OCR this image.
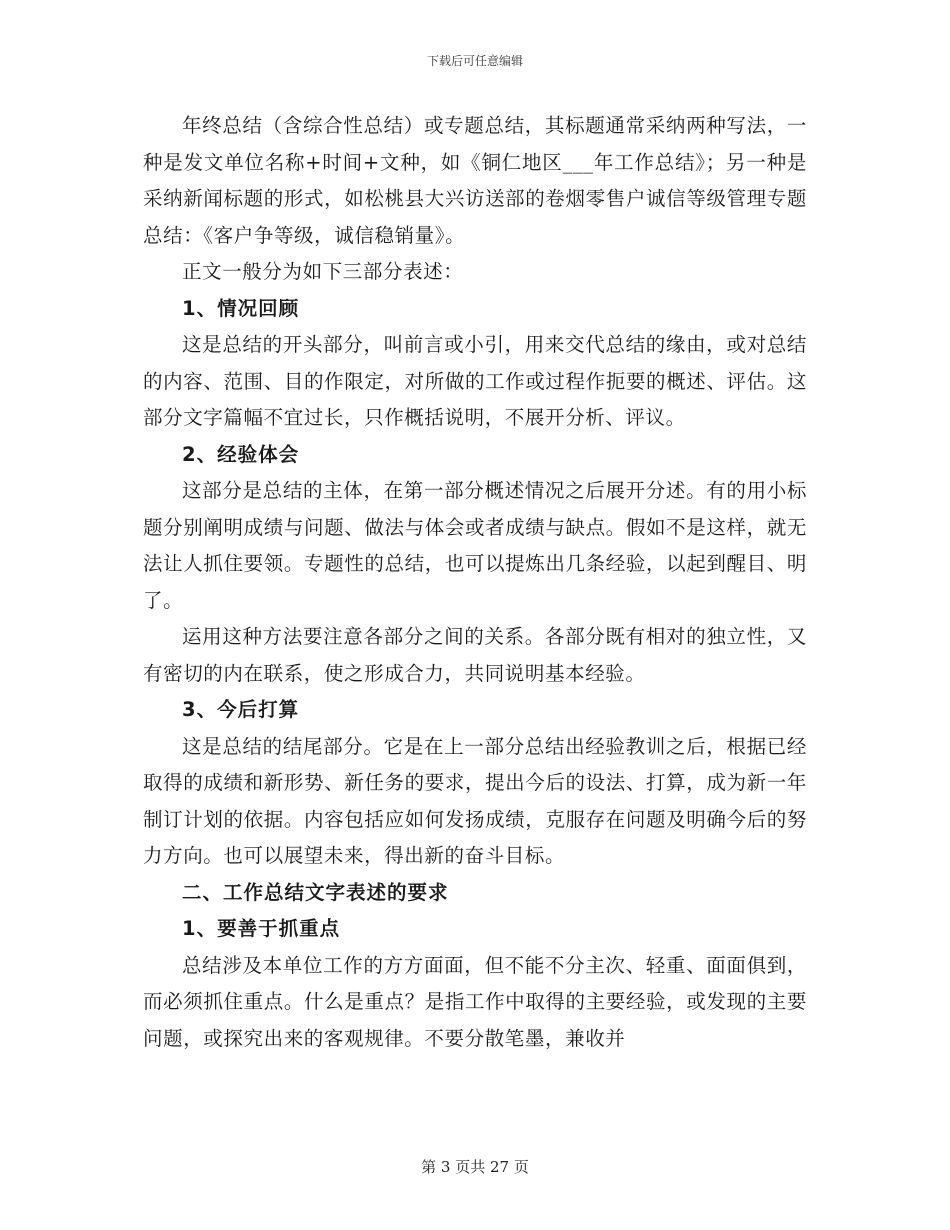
下载后可任意编辑

年终总结（含综合性总结）或专题总结，其标题通常采纳两种写法，一种是发文单位名称+时间+文种，如《铜仁地区___年工作总结》；另一种是采纳新闻标题的形式，如松桃县大兴访送部的卷烟零售户诚信等级管理专题总结：《客户争等级，诚信稳销量》。

正文一般分为如下三部分表述：

1、情况回顾

这是总结的开头部分，叫前言或小引，用来交代总结的缘由，或对总结的内容、范围、目的作限定，对所做的工作或过程作扼要的概述、评估。这部分文字篇幅不宜过长，只作概括说明，不展开分析、评议。

2、经验体会

这部分是总结的主体，在第一部分概述情况之后展开分述。有的用小标题分别阐明成绩与问题、做法与体会或者成绩与缺点。假如不是这样，就无法让人抓住要领。专题性的总结，也可以提炼出几条经验，以起到醒目、明了。

运用这种方法要注意各部分之间的关系。各部分既有相对的独立性，又有密切的内在联系，使之形成合力，共同说明基本经验。

3、今后打算

这是总结的结尾部分。它是在上一部分总结出经验教训之后，根据已经取得的成绩和新形势、新任务的要求，提出今后的设法、打算，成为新一年制订计划的依据。内容包括应如何发扬成绩，克服存在问题及明确今后的努力方向。也可以展望未来，得出新的奋斗目标。

二、工作总结文字表述的要求

1、要善于抓重点

总结涉及本单位工作的方方面面，但不能不分主次、轻重、面面俱到，而必须抓住重点。什么是重点？是指工作中取得的主要经验，或发现的主要问题，或探究出来的客观规律。不要分散笔墨，兼收并

第 3 页共 27 页
